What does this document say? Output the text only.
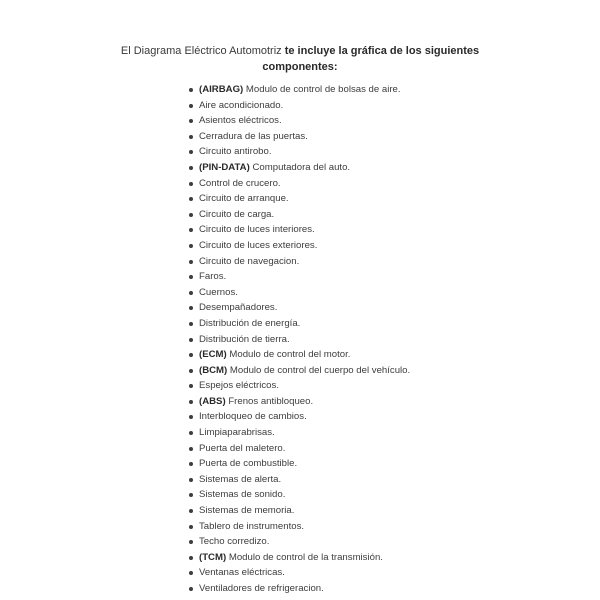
El Diagrama Eléctrico Automotriz te incluye la gráfica de los siguientes componentes:
(AIRBAG) Modulo de control de bolsas de aire.
Aire acondicionado.
Asientos eléctricos.
Cerradura de las puertas.
Circuito antirobo.
(PIN-DATA) Computadora del auto.
Control de crucero.
Circuito de arranque.
Circuito de carga.
Circuito de luces interiores.
Circuito de luces exteriores.
Circuito de navegacion.
Faros.
Cuernos.
Desempañadores.
Distribución de energía.
Distribución de tierra.
(ECM) Modulo de control del motor.
(BCM) Modulo de control del cuerpo del vehículo.
Espejos eléctricos.
(ABS) Frenos antibloqueo.
Interbloqueo de cambios.
Limpiaparabrisas.
Puerta del maletero.
Puerta de combustible.
Sistemas de alerta.
Sistemas de sonido.
Sistemas de memoria.
Tablero de instrumentos.
Techo corredizo.
(TCM) Modulo de control de la transmisión.
Ventanas eléctricas.
Ventiladores de refrigeracion.
